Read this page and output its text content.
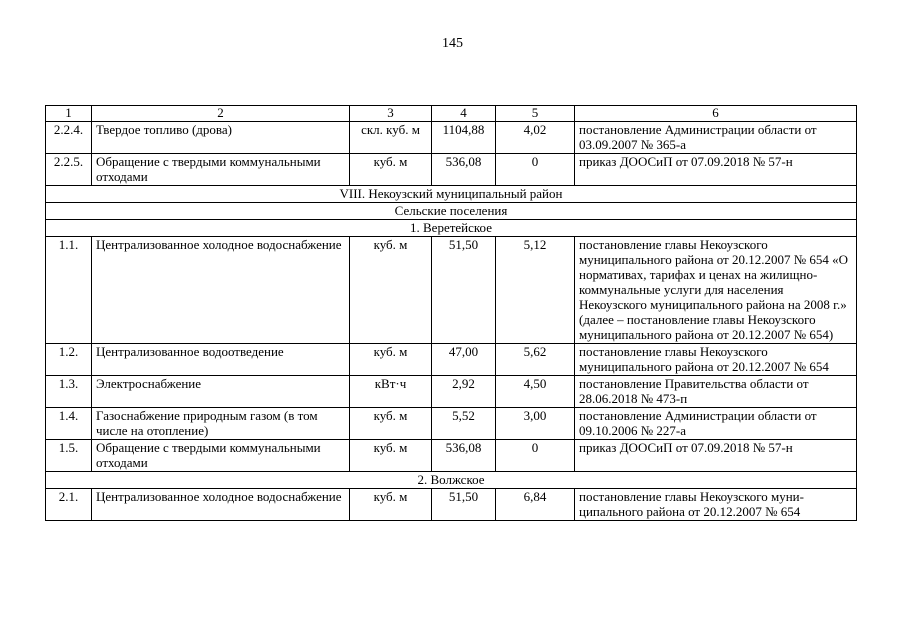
145
1	2	3	4	5	6
2.2.4.	Твердое топливо (дрова)	скл. куб. м	1104,88	4,02	постановление Администрации области от 03.09.2007 № 365-а
2.2.5.	Обращение с твердыми коммунальными отходами	куб. м	536,08	0	приказ ДООСиП от 07.09.2018 № 57-н
VIII. Некоузский муниципальный район					
Сельские поселения					
1. Веретейское					
1.1.	Централизованное холодное водоснабжение	куб. м	51,50	5,12	постановление главы Некоузского муниципального района от 20.12.2007 № 654 «О нормативах, тарифах и ценах на жилищно-коммунальные услуги для населения Некоузского муниципального района на 2008 г.» (далее – постановление главы Некоузского муниципального района от 20.12.2007 № 654)
1.2.	Централизованное водоотведение	куб. м	47,00	5,62	постановление главы Некоузского муниципального района от 20.12.2007 № 654
1.3.	Электроснабжение	кВт·ч	2,92	4,50	постановление Правительства области от 28.06.2018 № 473-п
1.4.	Газоснабжение природным газом (в том числе на отопление)	куб. м	5,52	3,00	постановление Администрации области от 09.10.2006 № 227-а
1.5.	Обращение с твердыми коммунальными отходами	куб. м	536,08	0	приказ ДООСиП от 07.09.2018 № 57-н
2. Волжское					
2.1.	Централизованное холодное водоснабжение	куб. м	51,50	6,84	постановление главы Некоузского муни-ципального района от 20.12.2007 № 654
